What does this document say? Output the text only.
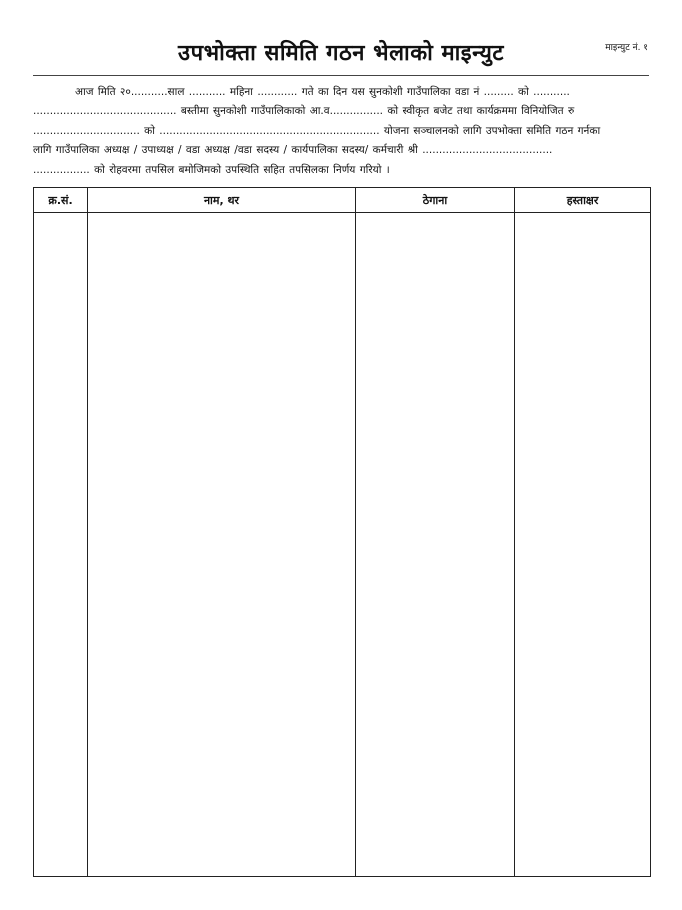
उपभोक्ता समिति गठन भेलाको माइन्युट	माइन्युट नं. १
आज मिति २०...........साल ........... महिना ............ गते का दिन यस सुनकोशी गाउँपालिका वडा नं ......... को ...........
........................................... बस्तीमा सुनकोशी गाउँपालिकाको आ.व................ को स्वीकृत बजेट तथा कार्यक्रममा विनियोजित रु
................................ को .................................................................. योजना सञ्चालनको लागि उपभोक्ता समिति गठन गर्नका
लागि गाउँपालिका अध्यक्ष / उपाध्यक्ष / वडा अध्यक्ष /वडा सदस्य / कार्यपालिका सदस्य/ कर्मचारी श्री .......................................
................. को रोहवरमा तपसिल बमोजिमको उपस्थिति सहित तपसिलका निर्णय गरियो ।
क्र.सं.	नाम, थर	ठेगाना	हस्ताक्षर
